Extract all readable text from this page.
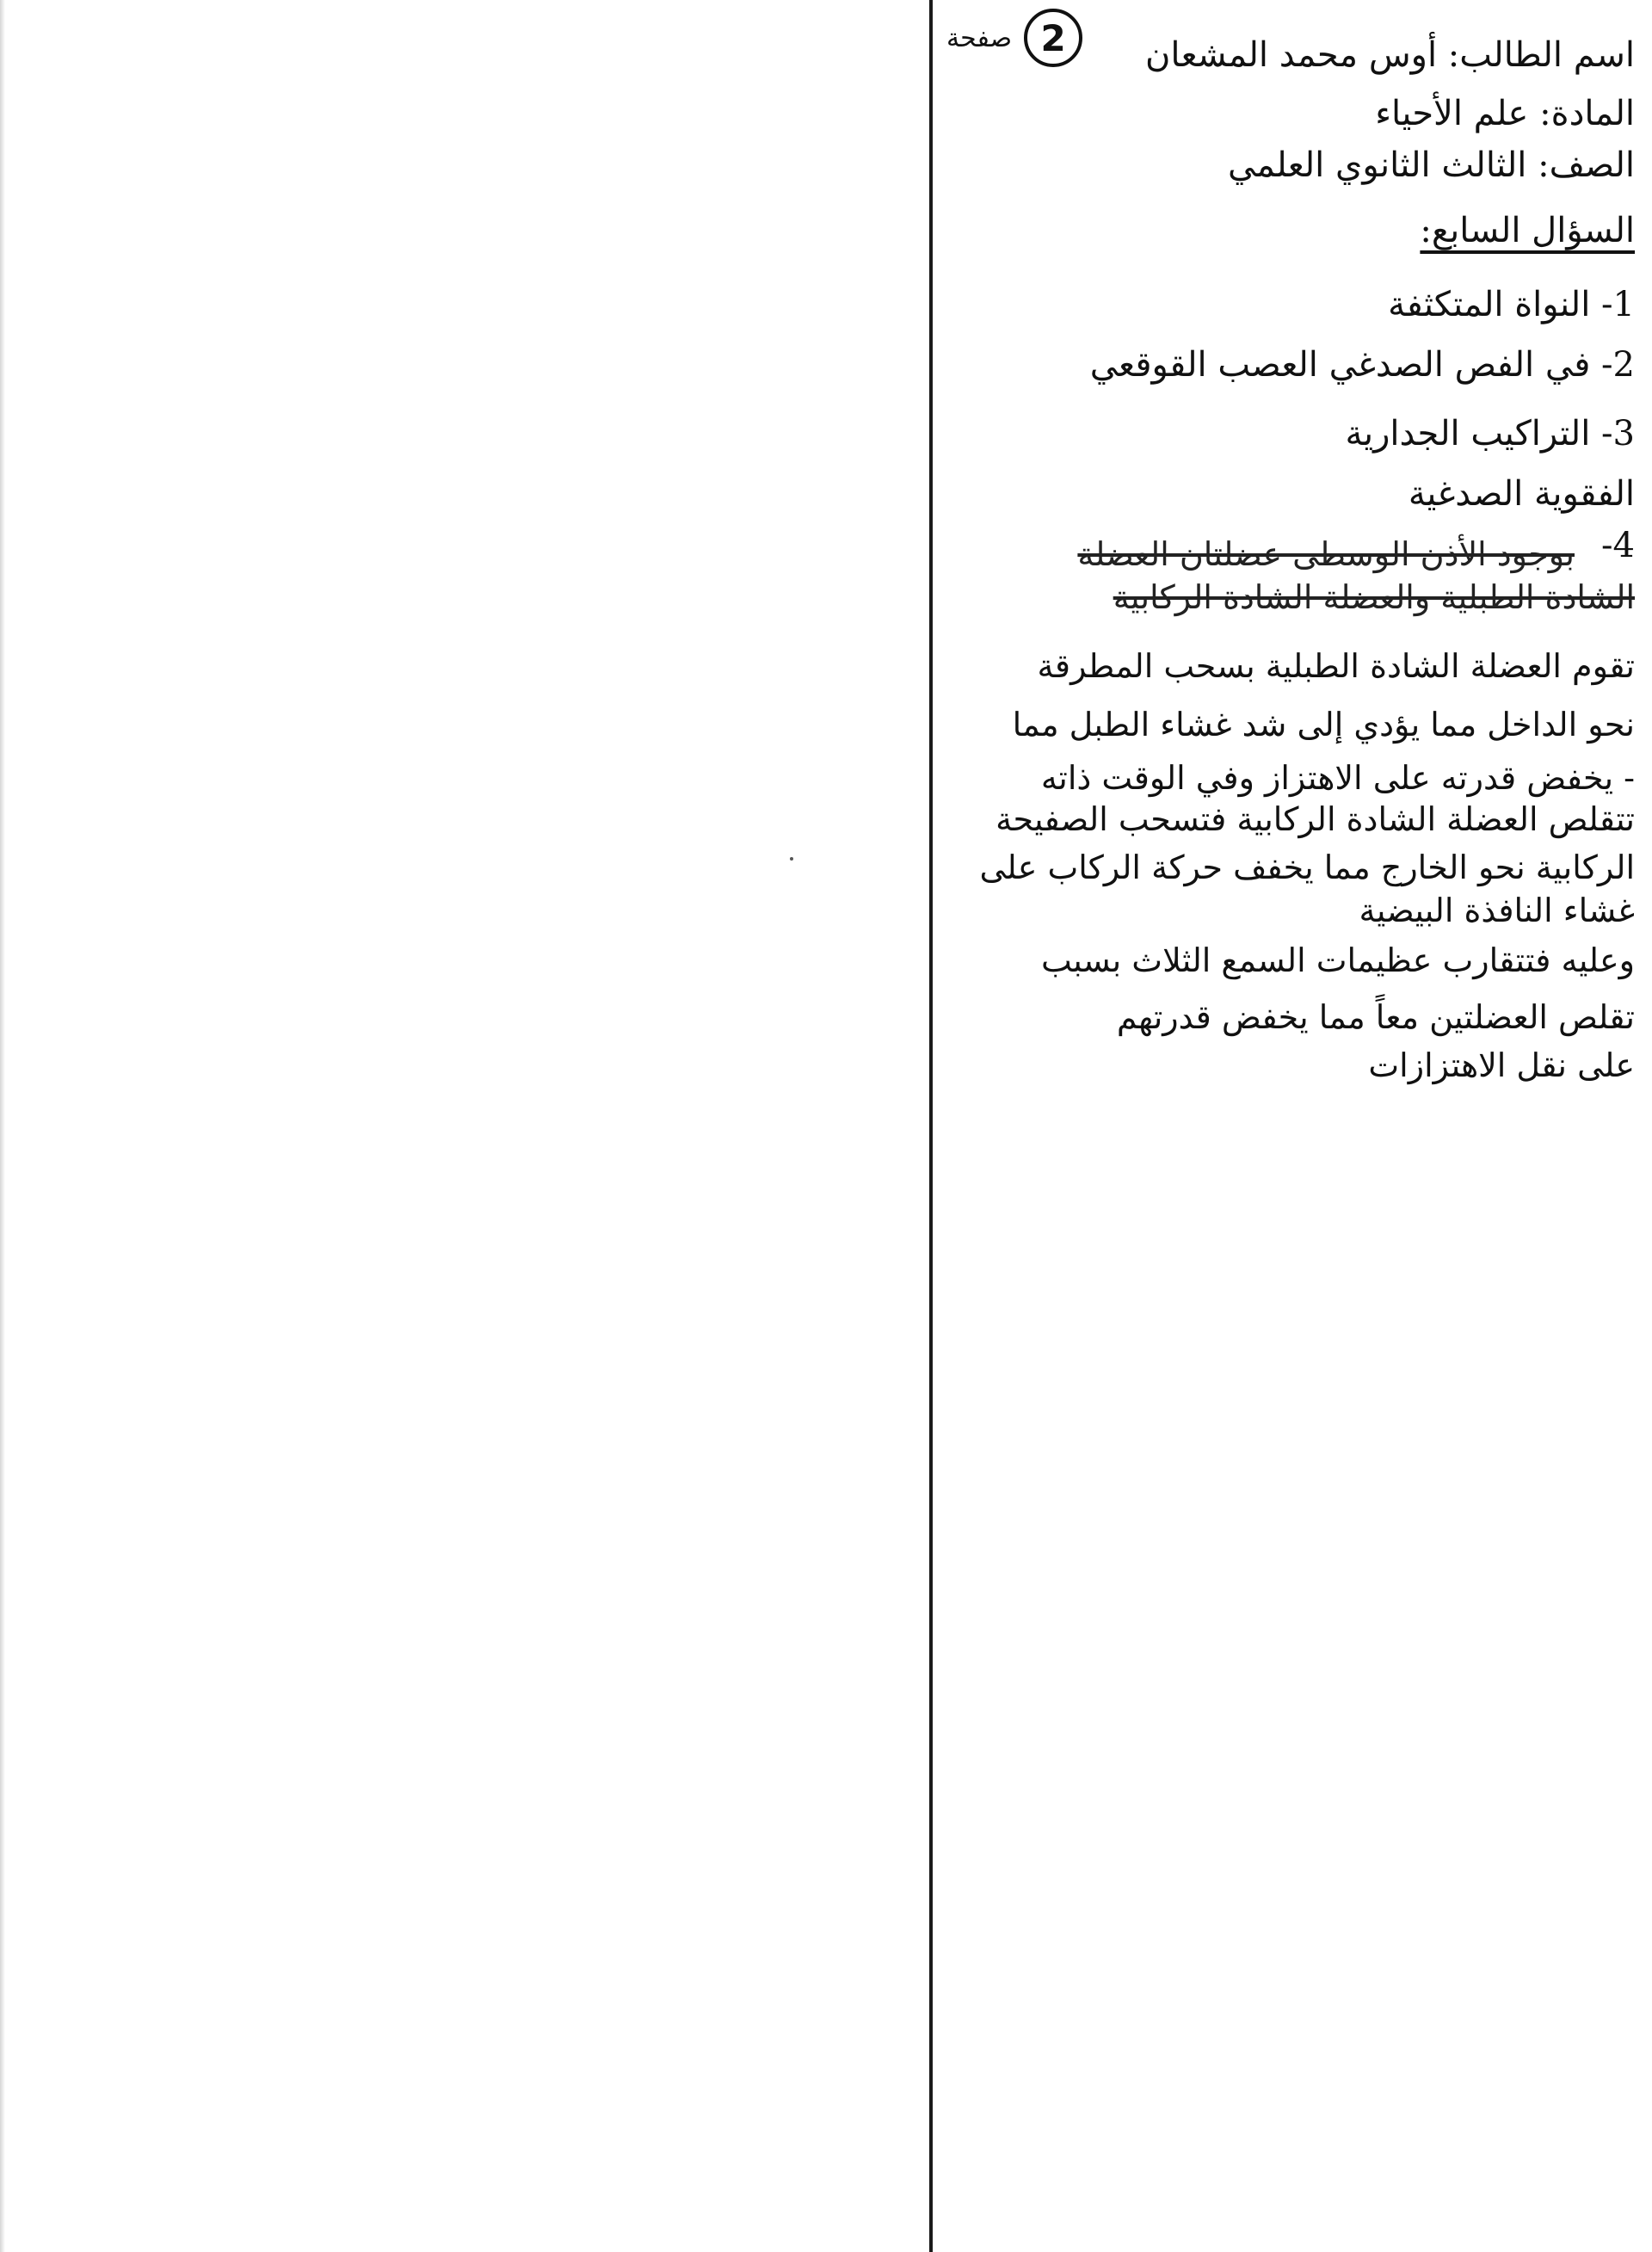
2
صفحة	اسم الطالب: أوس محمد المشعان
المادة: علم الأحياء
الصف: الثالث الثانوي العلمي
السؤال السابع:
1- النواة المتكثفة
2- في الفص الصدغي العصب القوقعي
3- التراكيب الجدارية
الفقوية الصدغية
4-
بوجود الأذن الوسطى عضلتان العضلة
الشادة الطبلية والعضلة الشادة الركابية
تقوم العضلة الشادة الطبلية بسحب المطرقة
نحو الداخل مما يؤدي إلى شد غشاء الطبل مما
- يخفض قدرته على الاهتزاز وفي الوقت ذاته
تتقلص العضلة الشادة الركابية فتسحب الصفيحة
الركابية نحو الخارج مما يخفف حركة الركاب على
غشاء النافذة البيضية
وعليه فتتقارب عظيمات السمع الثلاث بسبب
تقلص العضلتين معاً مما يخفض قدرتهم
على نقل الاهتزازات
